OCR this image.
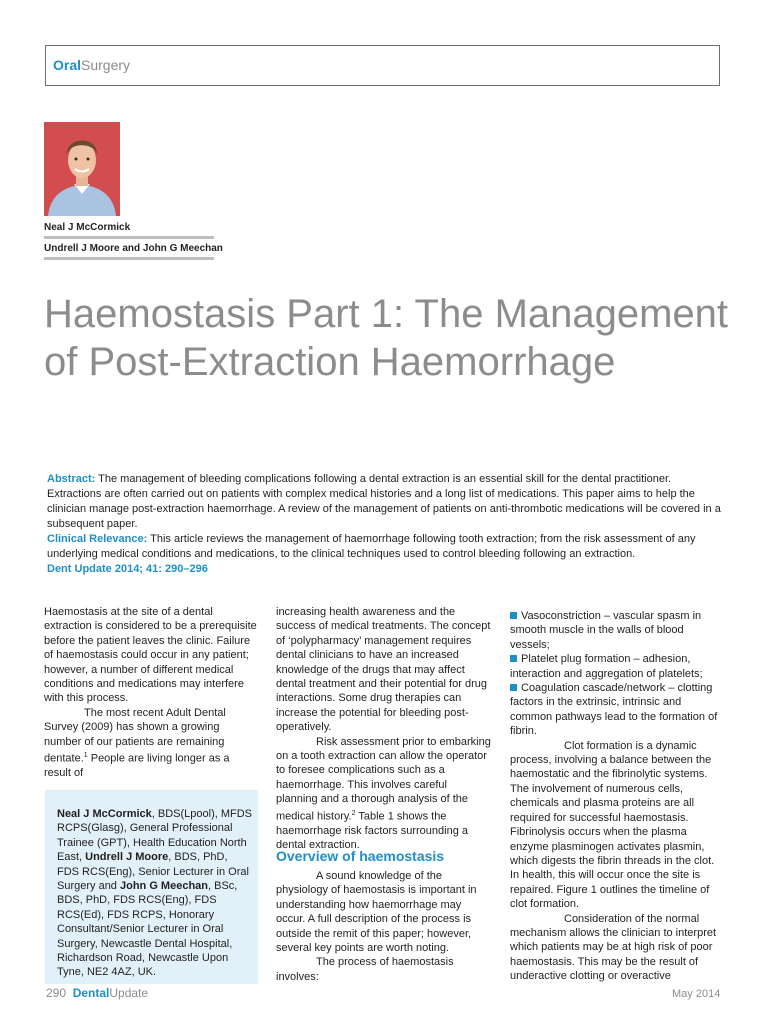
OralSurgery
Neal J McCormick
Undrell J Moore and John G Meechan
Haemostasis Part 1: The Management of Post-Extraction Haemorrhage

Abstract: The management of bleeding complications following a dental extraction is an essential skill for the dental practitioner. Extractions are often carried out on patients with complex medical histories and a long list of medications. This paper aims to help the clinician manage post-extraction haemorrhage. A review of the management of patients on anti-thrombotic medications will be covered in a subsequent paper.

Clinical Relevance: This article reviews the management of haemorrhage following tooth extraction; from the risk assessment of any underlying medical conditions and medications, to the clinical techniques used to control bleeding following an extraction.

Dent Update 2014; 41: 290–296

Haemostasis at the site of a dental extraction is considered to be a prerequisite before the patient leaves the clinic. Failure of haemostasis could occur in any patient; however, a number of different medical conditions and medications may interfere with this process.

The most recent Adult Dental Survey (2009) has shown a growing number of our patients are remaining dentate.$^1$ People are living longer as a result of

Neal J McCormick, BDS(Lpool), MFDS RCPS(Glasg), General Professional Trainee (GPT), Health Education North East, Undrell J Moore, BDS, PhD, FDS RCS(Eng), Senior Lecturer in Oral Surgery and John G Meechan, BSc, BDS, PhD, FDS RCS(Eng), FDS RCS(Ed), FDS RCPS, Honorary Consultant/Senior Lecturer in Oral Surgery, Newcastle Dental Hospital, Richardson Road, Newcastle Upon Tyne, NE2 4AZ, UK.

increasing health awareness and the success of medical treatments. The concept of ‘polypharmacy’ management requires dental clinicians to have an increased knowledge of the drugs that may affect dental treatment and their potential for drug interactions. Some drug therapies can increase the potential for bleeding post-operatively.

Risk assessment prior to embarking on a tooth extraction can allow the operator to foresee complications such as a haemorrhage. This involves careful planning and a thorough analysis of the medical history.$^2$ Table 1 shows the haemorrhage risk factors surrounding a dental extraction.

Overview of haemostasis

A sound knowledge of the physiology of haemostasis is important in understanding how haemorrhage may occur. A full description of the process is outside the remit of this paper; however, several key points are worth noting.

The process of haemostasis involves:

Vasoconstriction – vascular spasm in smooth muscle in the walls of blood vessels;

Platelet plug formation – adhesion, interaction and aggregation of platelets;

Coagulation cascade/network – clotting factors in the extrinsic, intrinsic and common pathways lead to the formation of fibrin.

Clot formation is a dynamic process, involving a balance between the haemostatic and the fibrinolytic systems. The involvement of numerous cells, chemicals and plasma proteins are all required for successful haemostasis. Fibrinolysis occurs when the plasma enzyme plasminogen activates plasmin, which digests the fibrin threads in the clot. In health, this will occur once the site is repaired. Figure 1 outlines the timeline of clot formation.

Consideration of the normal mechanism allows the clinician to interpret which patients may be at high risk of poor haemostasis. This may be the result of underactive clotting or overactive

290 DentalUpdate	May 2014
